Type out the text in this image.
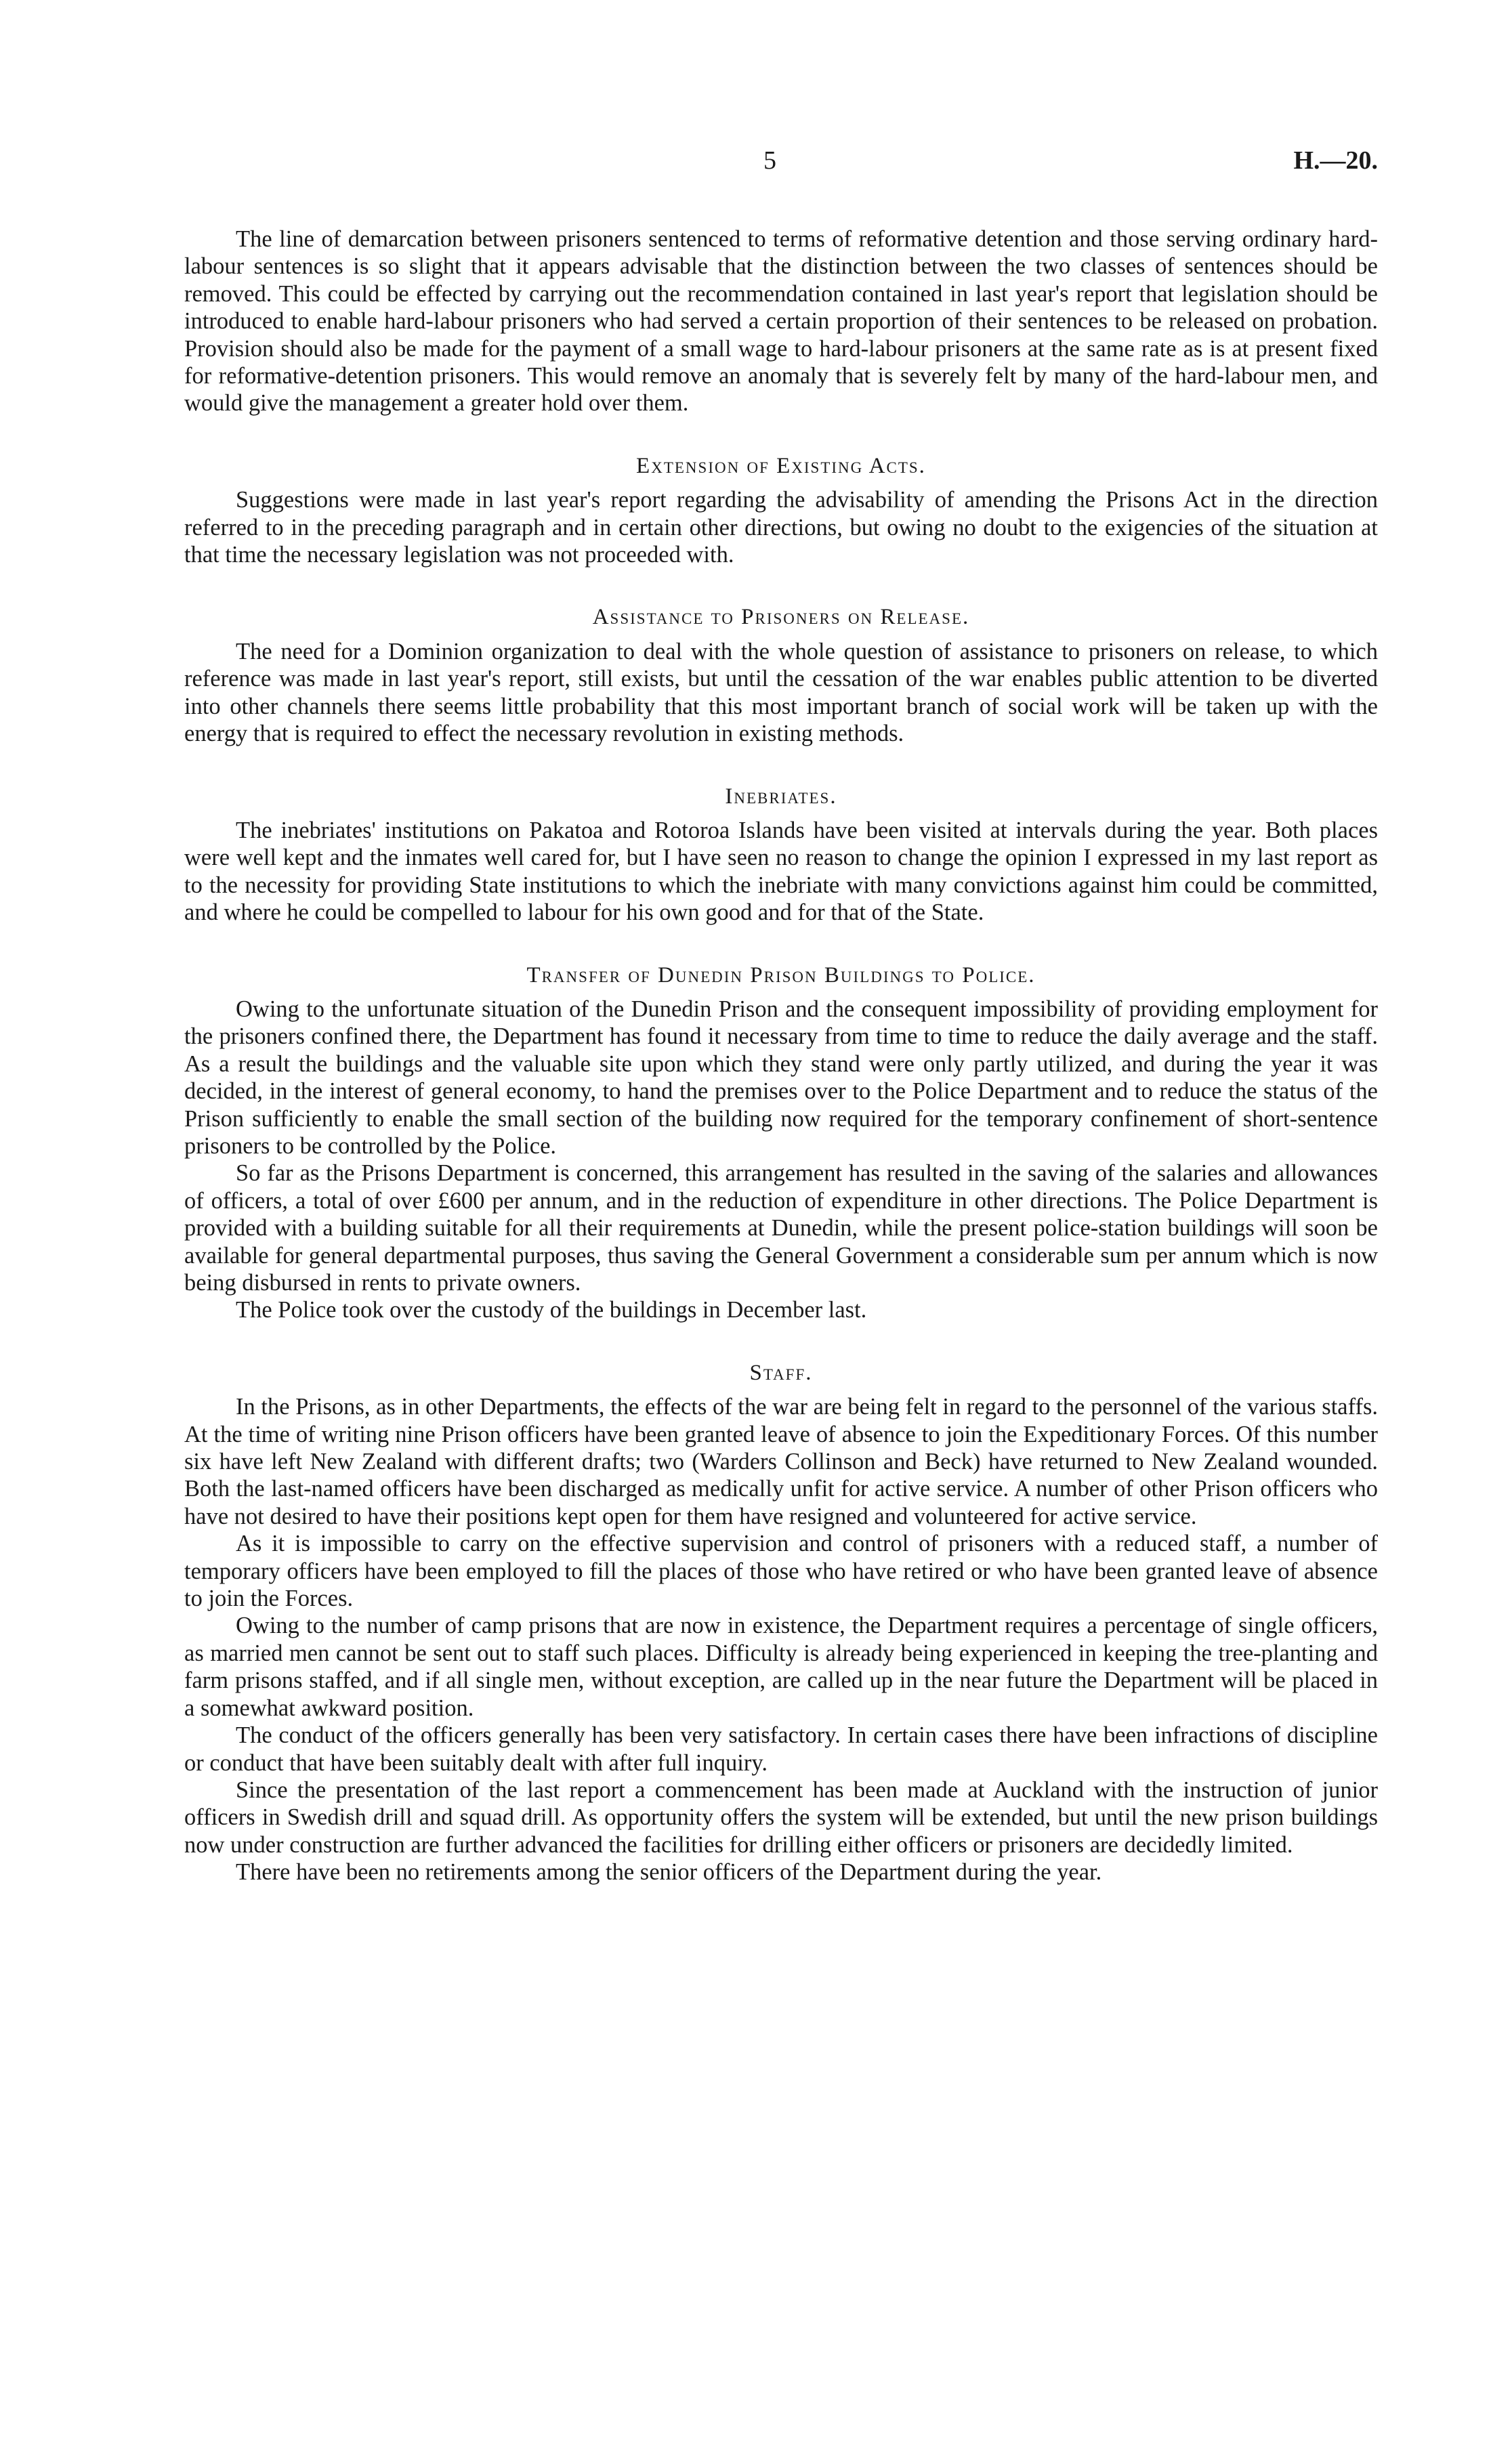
5	H.—20.

The line of demarcation between prisoners sentenced to terms of reformative detention and those serving ordinary hard-labour sentences is so slight that it appears advisable that the distinction between the two classes of sentences should be removed. This could be effected by carrying out the recommendation contained in last year's report that legislation should be introduced to enable hard-labour prisoners who had served a certain proportion of their sentences to be released on probation. Provision should also be made for the payment of a small wage to hard-labour prisoners at the same rate as is at present fixed for reformative-detention prisoners. This would remove an anomaly that is severely felt by many of the hard-labour men, and would give the management a greater hold over them.

Extension of Existing Acts.

Suggestions were made in last year's report regarding the advisability of amending the Prisons Act in the direction referred to in the preceding paragraph and in certain other directions, but owing no doubt to the exigencies of the situation at that time the necessary legislation was not proceeded with.

Assistance to Prisoners on Release.

The need for a Dominion organization to deal with the whole question of assistance to prisoners on release, to which reference was made in last year's report, still exists, but until the cessation of the war enables public attention to be diverted into other channels there seems little probability that this most important branch of social work will be taken up with the energy that is required to effect the necessary revolution in existing methods.

Inebriates.

The inebriates' institutions on Pakatoa and Rotoroa Islands have been visited at intervals during the year. Both places were well kept and the inmates well cared for, but I have seen no reason to change the opinion I expressed in my last report as to the necessity for providing State institutions to which the inebriate with many convictions against him could be committed, and where he could be compelled to labour for his own good and for that of the State.

Transfer of Dunedin Prison Buildings to Police.

Owing to the unfortunate situation of the Dunedin Prison and the consequent impossibility of providing employment for the prisoners confined there, the Department has found it necessary from time to time to reduce the daily average and the staff. As a result the buildings and the valuable site upon which they stand were only partly utilized, and during the year it was decided, in the interest of general economy, to hand the premises over to the Police Department and to reduce the status of the Prison sufficiently to enable the small section of the building now required for the temporary confinement of short-sentence prisoners to be controlled by the Police.

So far as the Prisons Department is concerned, this arrangement has resulted in the saving of the salaries and allowances of officers, a total of over £600 per annum, and in the reduction of expenditure in other directions. The Police Department is provided with a building suitable for all their requirements at Dunedin, while the present police-station buildings will soon be available for general departmental purposes, thus saving the General Government a considerable sum per annum which is now being disbursed in rents to private owners.

The Police took over the custody of the buildings in December last.

Staff.

In the Prisons, as in other Departments, the effects of the war are being felt in regard to the personnel of the various staffs. At the time of writing nine Prison officers have been granted leave of absence to join the Expeditionary Forces. Of this number six have left New Zealand with different drafts; two (Warders Collinson and Beck) have returned to New Zealand wounded. Both the last-named officers have been discharged as medically unfit for active service. A number of other Prison officers who have not desired to have their positions kept open for them have resigned and volunteered for active service.

As it is impossible to carry on the effective supervision and control of prisoners with a reduced staff, a number of temporary officers have been employed to fill the places of those who have retired or who have been granted leave of absence to join the Forces.

Owing to the number of camp prisons that are now in existence, the Department requires a percentage of single officers, as married men cannot be sent out to staff such places. Difficulty is already being experienced in keeping the tree-planting and farm prisons staffed, and if all single men, without exception, are called up in the near future the Department will be placed in a somewhat awkward position.

The conduct of the officers generally has been very satisfactory. In certain cases there have been infractions of discipline or conduct that have been suitably dealt with after full inquiry.

Since the presentation of the last report a commencement has been made at Auckland with the instruction of junior officers in Swedish drill and squad drill. As opportunity offers the system will be extended, but until the new prison buildings now under construction are further advanced the facilities for drilling either officers or prisoners are decidedly limited.

There have been no retirements among the senior officers of the Department during the year.
